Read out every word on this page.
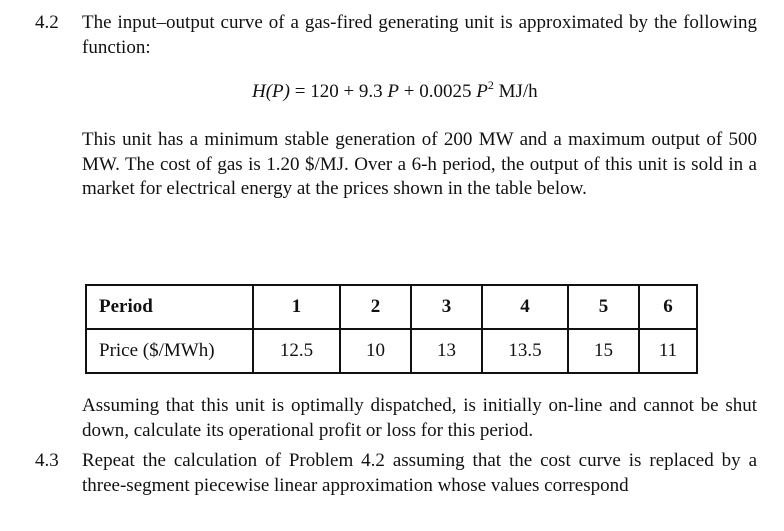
4.2 The input–output curve of a gas-fired generating unit is approximated by the following function:
H(P) = 120 + 9.3 P + 0.0025 $P^2$ MJ/h
This unit has a minimum stable generation of 200 MW and a maximum output of 500 MW. The cost of gas is 1.20 $/MJ. Over a 6-h period, the output of this unit is sold in a market for electrical energy at the prices shown in the table below.
Period	1	2	3	4	5	6
Price ($/MWh)	12.5	10	13	13.5	15	11
Assuming that this unit is optimally dispatched, is initially on-line and cannot be shut down, calculate its operational profit or loss for this period.
4.3 Repeat the calculation of Problem 4.2 assuming that the cost curve is replaced by a three-segment piecewise linear approximation whose values correspond
